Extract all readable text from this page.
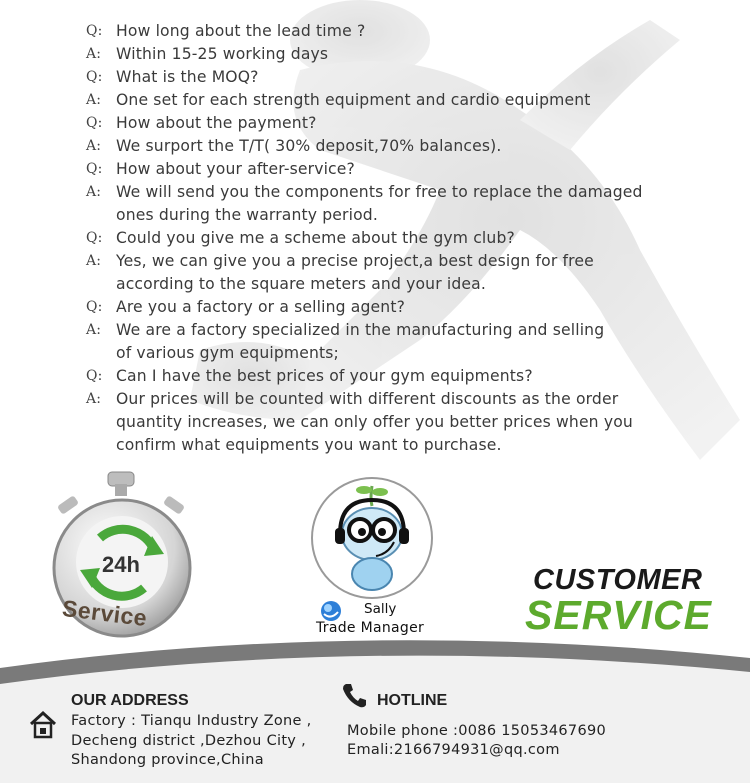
Q: How long about the lead time ?
A: Within 15-25 working days
Q: What is the MOQ?
A: One set for each strength equipment and cardio equipment
Q: How about the payment?
A: We surport the T/T( 30% deposit,70% balances).
Q: How about your after-service?
A: We will send you the components for free to replace the damaged
ones during the warranty period.
Q: Could you give me a scheme about the gym club?
A: Yes, we can give you a precise project,a best design for free
according to the square meters and your idea.
Q: Are you a factory or a selling agent?
A: We are a factory specialized in the manufacturing and selling
of various gym equipments;
Q: Can I have the best prices of your gym equipments?
A: Our prices will be counted with different discounts as the order
quantity increases, we can only offer you better prices when you
confirm what equipments you want to purchase.
24h
Service	Sally
Trade Manager
CUSTOMER
SERVICE
OUR ADDRESS
Factory : Tianqu Industry Zone ,
Decheng district ,Dezhou City ,
Shandong province,China
HOTLINE
Mobile phone :0086 15053467690
Emali:2166794931@qq.com
